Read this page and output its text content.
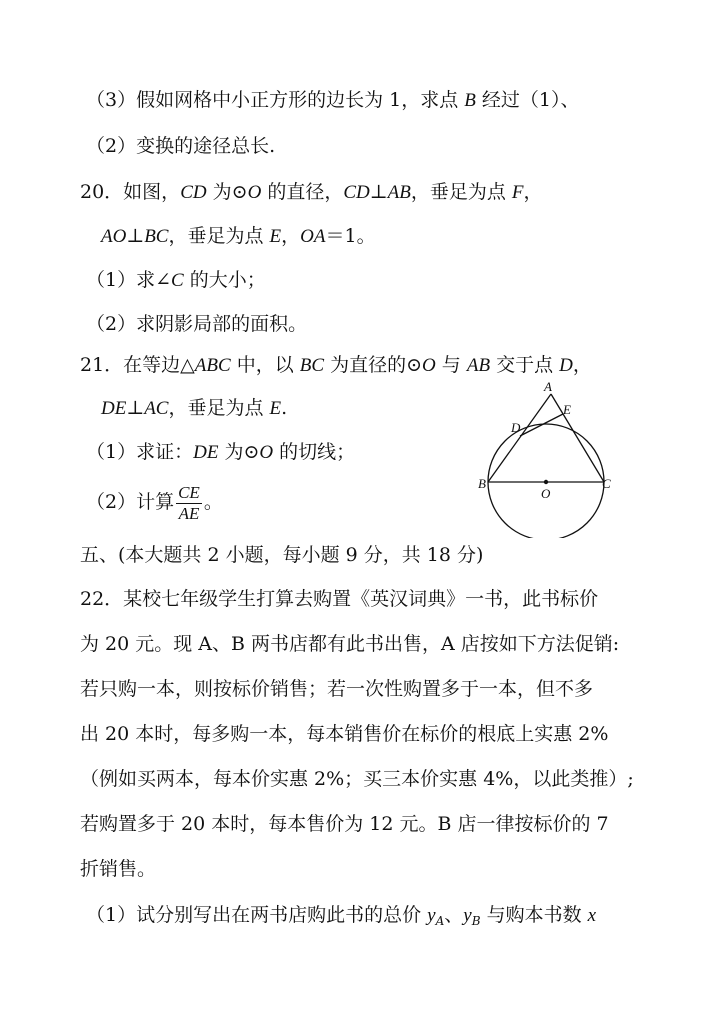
（3）假如网格中小正方形的边长为 1，求点 B 经过（1）、
（2）变换的途径总长.
20．如图，CD 为⊙O 的直径，CD⊥AB，垂足为点 F，
AO⊥BC，垂足为点 E，OA＝1。
（1）求∠C 的大小；
（2）求阴影局部的面积。
21．在等边△ABC 中，以 BC 为直径的⊙O 与 AB 交于点 D，
DE⊥AC，垂足为点 E.
（1）求证：DE 为⊙O 的切线；
（2）计算 $\frac{CE}{AE}$ 。
A
E
D
B
O
C
五、(本大题共 2 小题，每小题 9 分，共 18 分)
22．某校七年级学生打算去购置《英汉词典》一书，此书标价
为 20 元。现 A、B 两书店都有此书出售，A 店按如下方法促销:
若只购一本，则按标价销售；若一次性购置多于一本，但不多
出 20 本时，每多购一本，每本销售价在标价的根底上实惠 2%
（例如买两本，每本价实惠 2%；买三本价实惠 4%，以此类推）;
若购置多于 20 本时，每本售价为 12 元。B 店一律按标价的 7
折销售。
（1）试分别写出在两书店购此书的总价 $y_A$、$y_B$ 与购本书数 x
